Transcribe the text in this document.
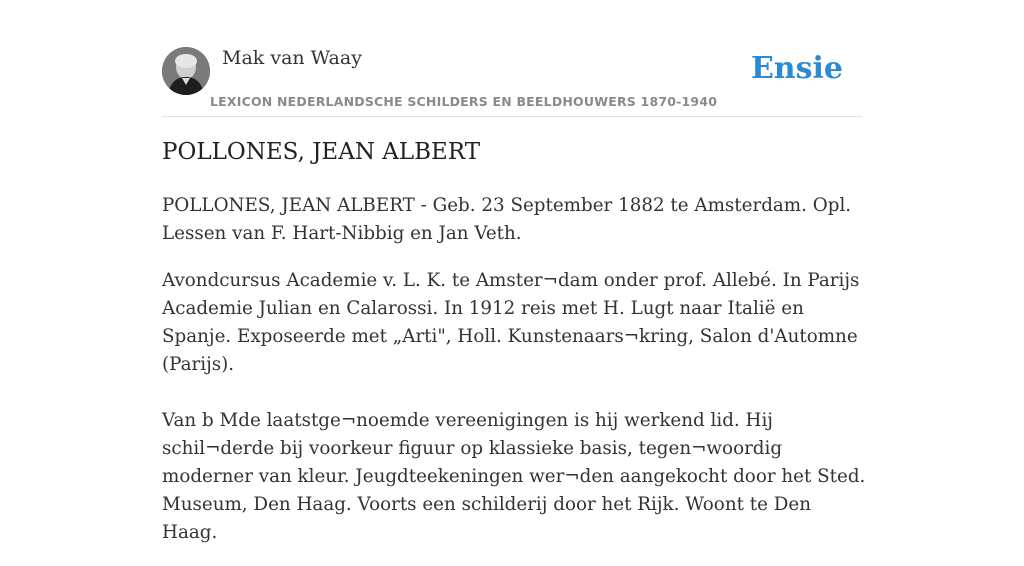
Mak van Waay
LEXICON NEDERLANDSCHE SCHILDERS EN BEELDHOUWERS 1870-1940
Ensie
POLLONES, JEAN ALBERT

POLLONES, JEAN ALBERT - Geb. 23 September 1882 te Amsterdam. Opl. Lessen van F. Hart-Nibbig en Jan Veth.

Avondcursus Academie v. L. K. te Amster¬dam onder prof. Allebé. In Parijs Academie Julian en Calarossi. In 1912 reis met H. Lugt naar Italië en Spanje. Exposeerde met „Arti", Holl. Kunstenaars¬kring, Salon d'Automne (Parijs).

Van b Mde laatstge¬noemde vereenigingen is hij werkend lid. Hij schil¬derde bij voorkeur figuur op klassieke basis, tegen¬woordig moderner van kleur. Jeugdteekeningen wer¬den aangekocht door het Sted. Museum, Den Haag. Voorts een schilderij door het Rijk. Woont te Den Haag.
